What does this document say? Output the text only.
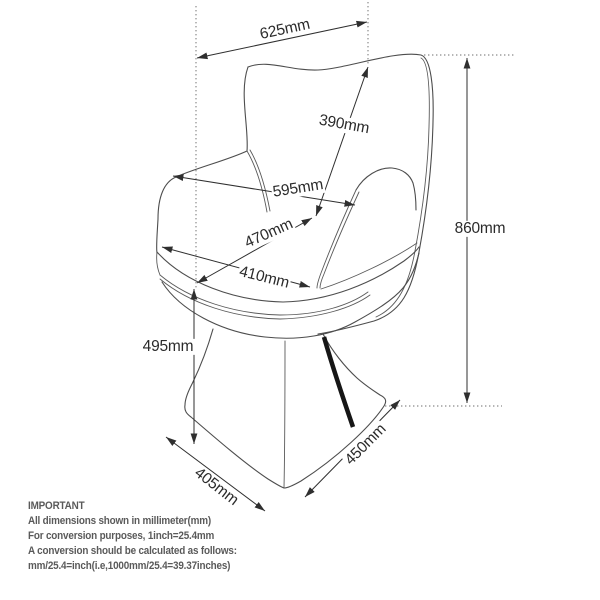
625mm
390mm
595mm
470mm
410mm
495mm
860mm
405mm
450mm
IMPORTANT
All dimensions shown in millimeter(mm)
For conversion purposes, 1inch=25.4mm
A conversion should be calculated as follows:
mm/25.4=inch(i.e,1000mm/25.4=39.37inches)
